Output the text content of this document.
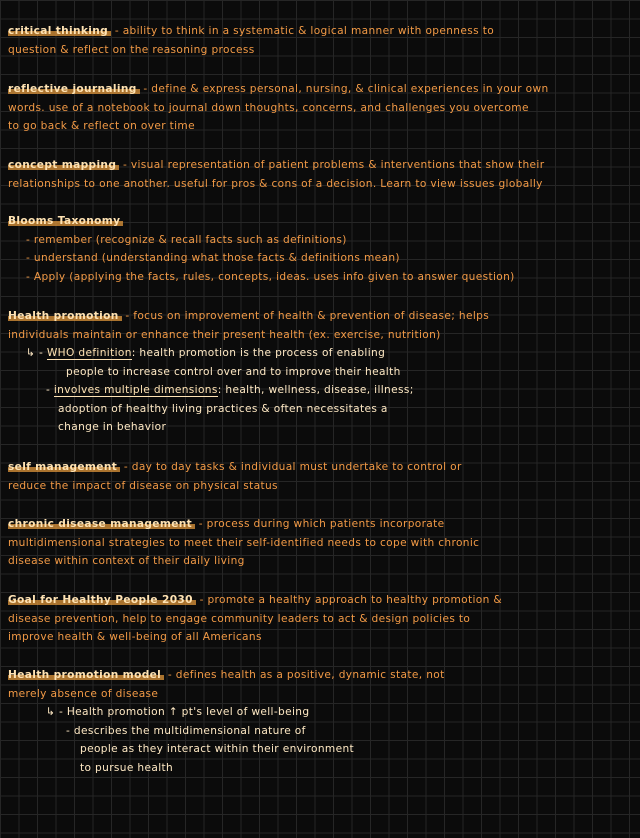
critical thinking - ability to think in a systematic & logical manner with openness to
question & reflect on the reasoning process
reflective journaling - define & express personal, nursing, & clinical experiences in your own
words. use of a notebook to journal down thoughts, concerns, and challenges you overcome
to go back & reflect on over time
concept mapping - visual representation of patient problems & interventions that show their
relationships to one another. useful for pros & cons of a decision. Learn to view issues globally
Blooms Taxonomy
- remember (recognize & recall facts such as definitions)
- understand (understanding what those facts & definitions mean)
- Apply (applying the facts, rules, concepts, ideas. uses info given to answer question)
Health promotion - focus on improvement of health & prevention of disease; helps
individuals maintain or enhance their present health (ex. exercise, nutrition)
↳ - WHO definition: health promotion is the process of enabling
people to increase control over and to improve their health
- involves multiple dimensions: health, wellness, disease, illness;
adoption of healthy living practices & often necessitates a
change in behavior
self management - day to day tasks & individual must undertake to control or
reduce the impact of disease on physical status
chronic disease management - process during which patients incorporate
multidimensional strategies to meet their self-identified needs to cope with chronic
disease within context of their daily living
Goal for Healthy People 2030 - promote a healthy approach to healthy promotion &
disease prevention, help to engage community leaders to act & design policies to
improve health & well-being of all Americans
Health promotion model - defines health as a positive, dynamic state, not
merely absence of disease
↳ - Health promotion ↑ pt's level of well-being
- describes the multidimensional nature of
people as they interact within their environment
to pursue health
